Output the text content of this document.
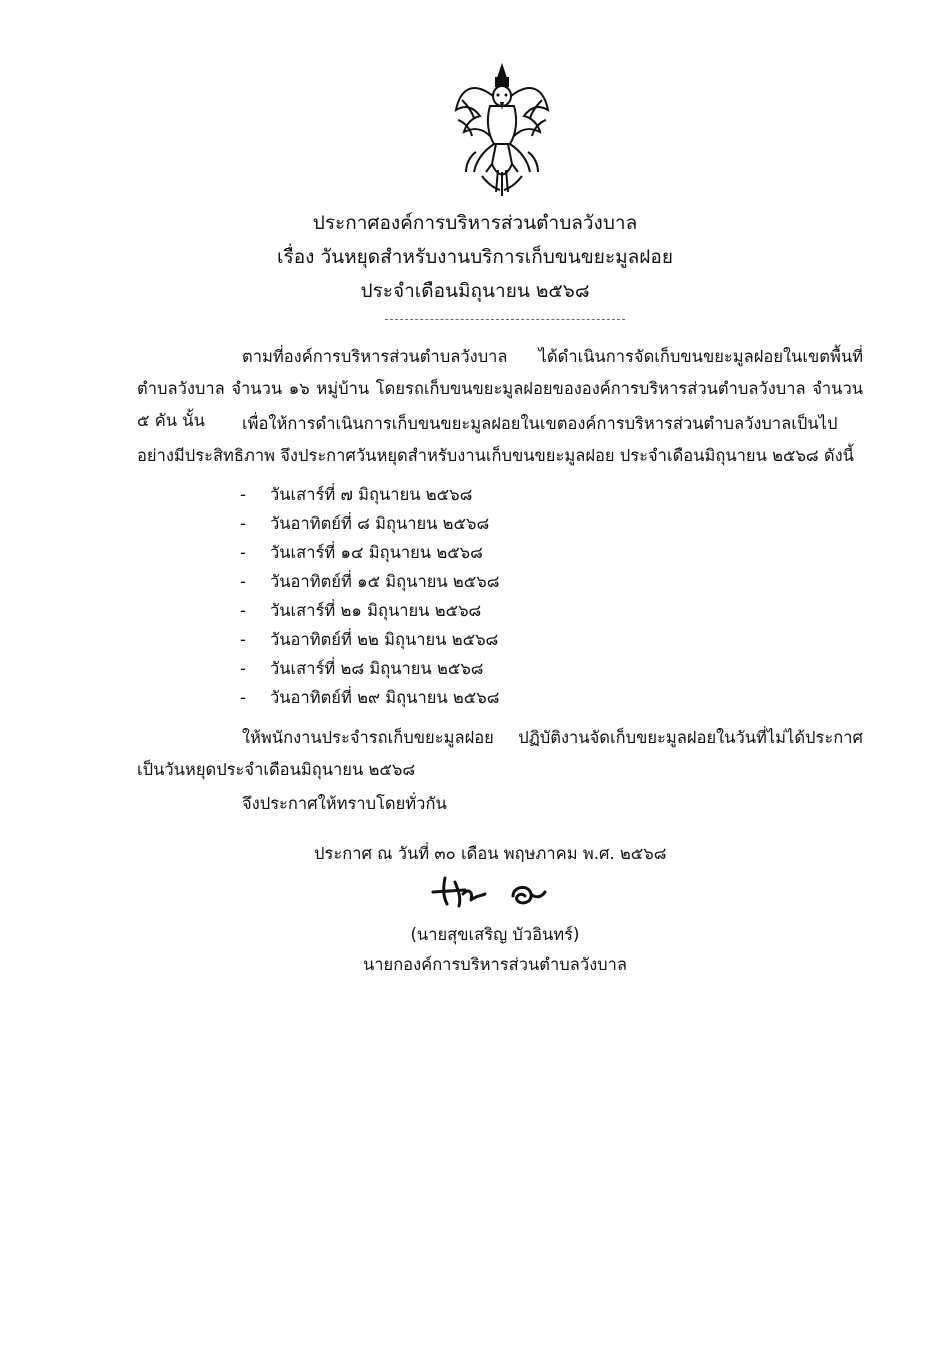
ประกาศองค์การบริหารส่วนตำบลวังบาล
เรื่อง วันหยุดสำหรับงานบริการเก็บขนขยะมูลฝอย
ประจำเดือนมิถุนายน ๒๕๖๘
ตามที่องค์การบริหารส่วนตำบลวังบาล ได้ดำเนินการจัดเก็บขนขยะมูลฝอยในเขตพื้นที่ตำบลวังบาล จำนวน ๑๖ หมู่บ้าน โดยรถเก็บขนขยะมูลฝอยขององค์การบริหารส่วนตำบลวังบาล จำนวน ๕ คัน นั้น	เพื่อให้การดำเนินการเก็บขนขยะมูลฝอยในเขตองค์การบริหารส่วนตำบลวังบาลเป็นไปอย่างมีประสิทธิภาพ จึงประกาศวันหยุดสำหรับงานเก็บขนขยะมูลฝอย ประจำเดือนมิถุนายน ๒๕๖๘ ดังนี้
- วันเสาร์ที่ ๗ มิถุนายน ๒๕๖๘
- วันอาทิตย์ที่ ๘ มิถุนายน ๒๕๖๘
- วันเสาร์ที่ ๑๔ มิถุนายน ๒๕๖๘
- วันอาทิตย์ที่ ๑๕ มิถุนายน ๒๕๖๘
- วันเสาร์ที่ ๒๑ มิถุนายน ๒๕๖๘
- วันอาทิตย์ที่ ๒๒ มิถุนายน ๒๕๖๘
- วันเสาร์ที่ ๒๘ มิถุนายน ๒๕๖๘
- วันอาทิตย์ที่ ๒๙ มิถุนายน ๒๕๖๘
ให้พนักงานประจำรถเก็บขยะมูลฝอย ปฏิบัติงานจัดเก็บขยะมูลฝอยในวันที่ไม่ได้ประกาศเป็นวันหยุดประจำเดือนมิถุนายน ๒๕๖๘
จึงประกาศให้ทราบโดยทั่วกัน
ประกาศ ณ วันที่ ๓๐ เดือน พฤษภาคม พ.ศ. ๒๕๖๘
(นายสุขเสริญ บัวอินทร์)
นายกองค์การบริหารส่วนตำบลวังบาล
